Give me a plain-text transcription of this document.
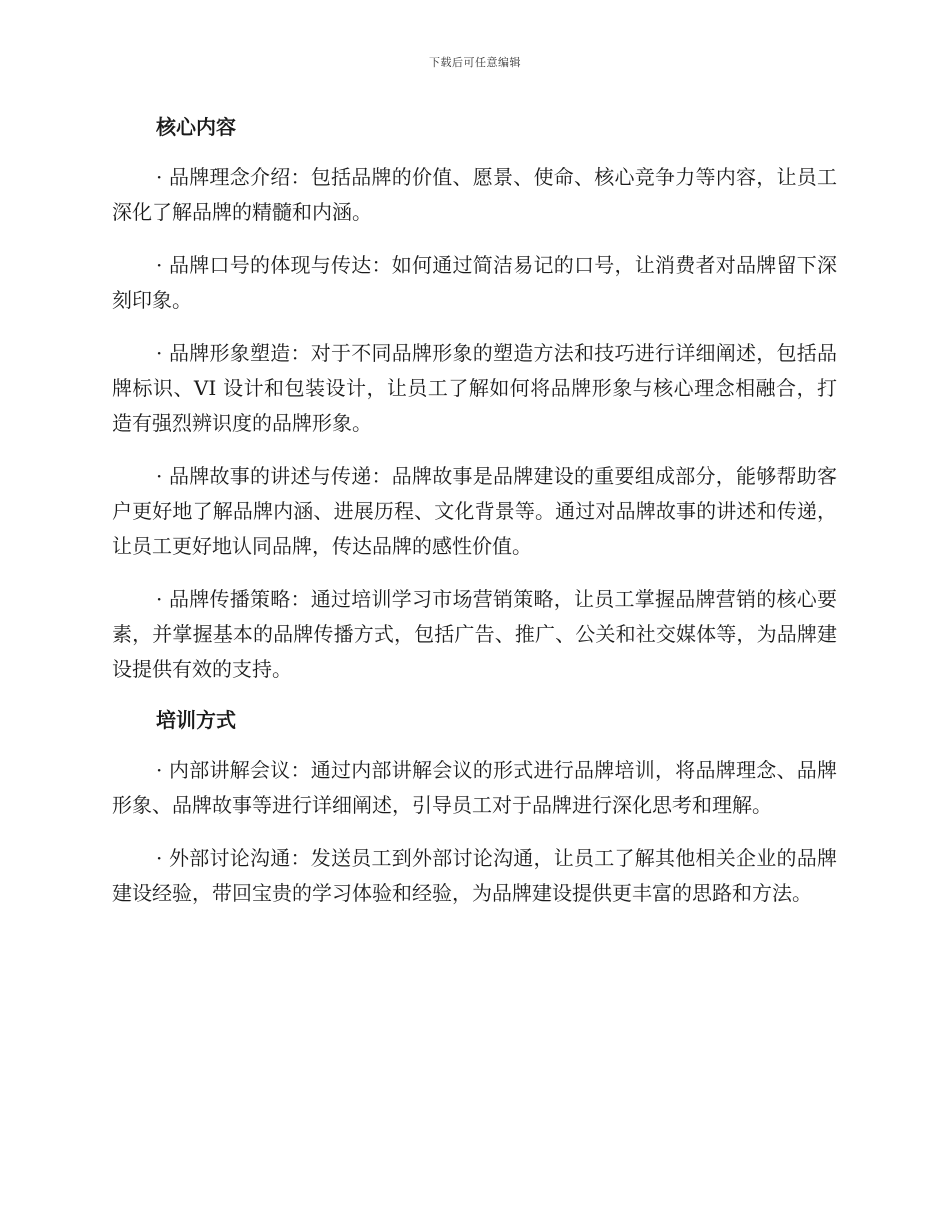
下载后可任意编辑
核心内容

· 品牌理念介绍：包括品牌的价值、愿景、使命、核心竞争力等内容，让员工深化了解品牌的精髓和内涵。

· 品牌口号的体现与传达：如何通过简洁易记的口号，让消费者对品牌留下深刻印象。

· 品牌形象塑造：对于不同品牌形象的塑造方法和技巧进行详细阐述，包括品牌标识、VI 设计和包装设计，让员工了解如何将品牌形象与核心理念相融合，打造有强烈辨识度的品牌形象。

· 品牌故事的讲述与传递：品牌故事是品牌建设的重要组成部分，能够帮助客户更好地了解品牌内涵、进展历程、文化背景等。通过对品牌故事的讲述和传递，让员工更好地认同品牌，传达品牌的感性价值。

· 品牌传播策略：通过培训学习市场营销策略，让员工掌握品牌营销的核心要素，并掌握基本的品牌传播方式，包括广告、推广、公关和社交媒体等，为品牌建设提供有效的支持。

培训方式

· 内部讲解会议：通过内部讲解会议的形式进行品牌培训，将品牌理念、品牌形象、品牌故事等进行详细阐述，引导员工对于品牌进行深化思考和理解。

· 外部讨论沟通：发送员工到外部讨论沟通，让员工了解其他相关企业的品牌建设经验，带回宝贵的学习体验和经验，为品牌建设提供更丰富的思路和方法。
